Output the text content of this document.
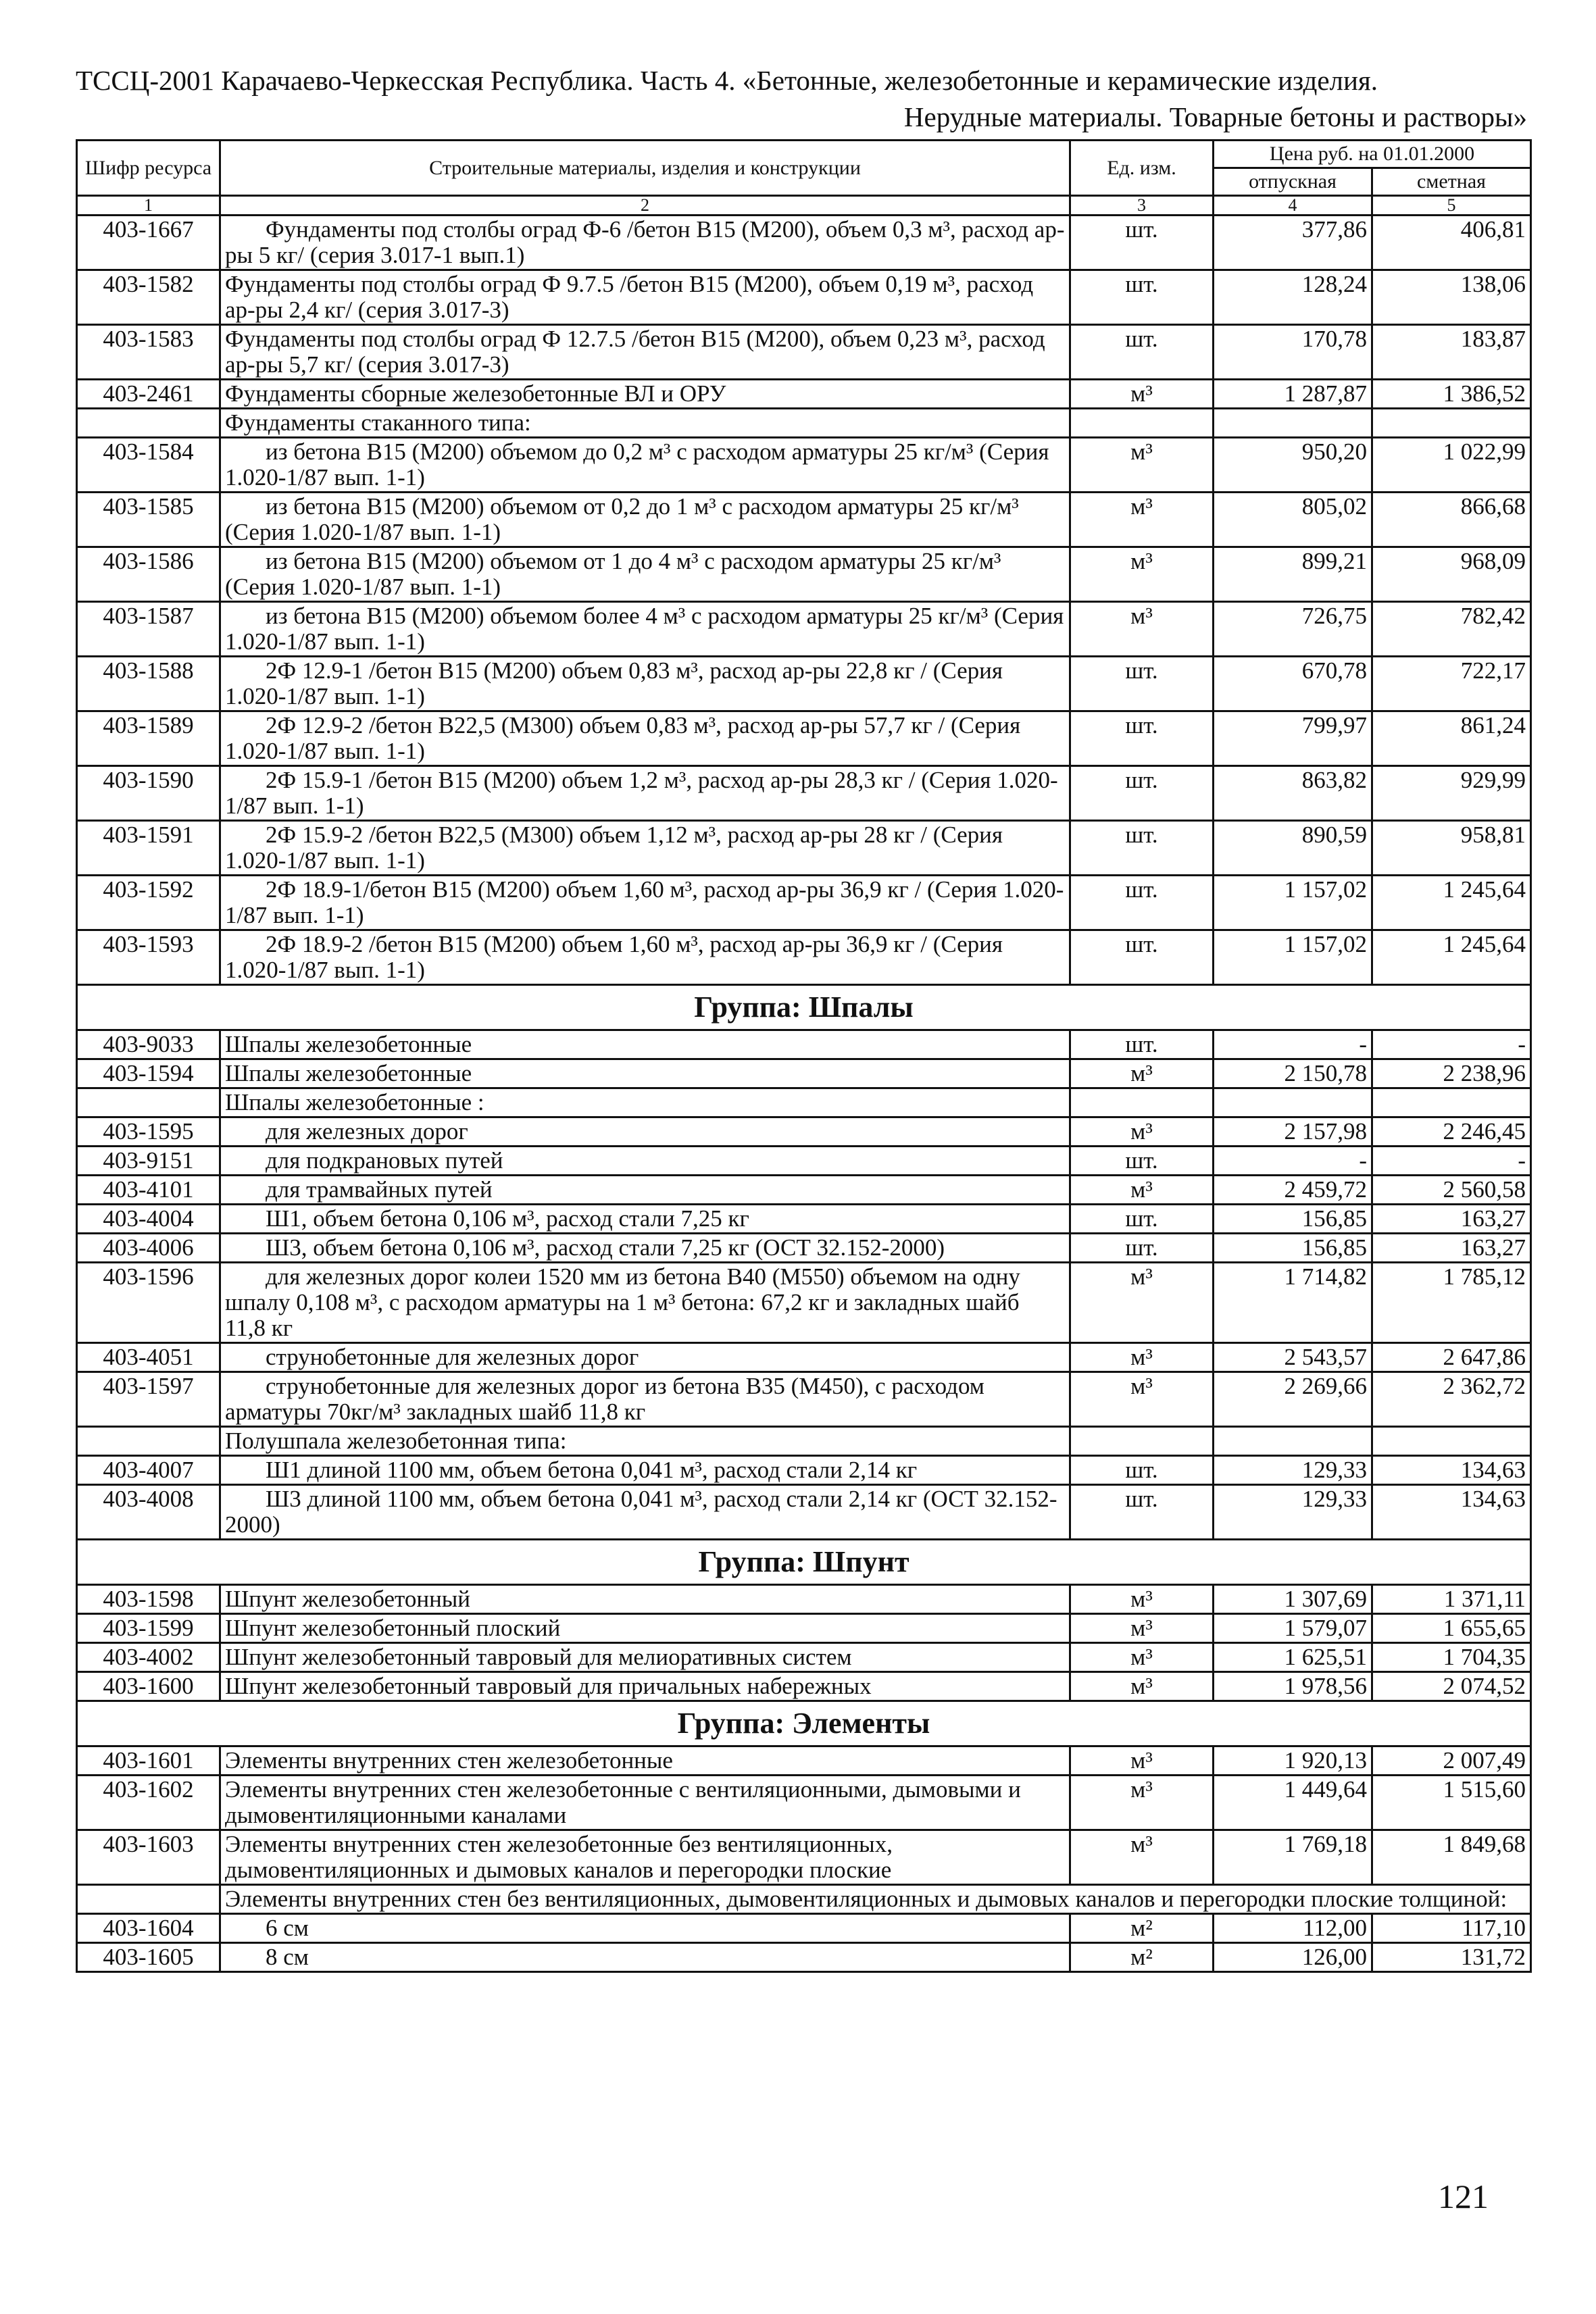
ТССЦ-2001 Карачаево-Черкесская Республика. Часть 4. «Бетонные, железобетонные и керамические изделия.
Нерудные материалы. Товарные бетоны и растворы»
Шифр ресурса	Строительные материалы, изделия и конструкции	Ед. изм.	Цена руб. на 01.01.2000	
			отпускная	сметная
1	2	3	4	5
403-1667	Фундаменты под столбы оград Ф-6 /бетон В15 (М200), объем 0,3 м³, расход ар-ры 5 кг/ (серия 3.017-1 вып.1)	шт.	377,86	406,81
403-1582	Фундаменты под столбы оград Ф 9.7.5 /бетон В15 (М200), объем 0,19 м³, расход ар-ры 2,4 кг/ (серия 3.017-3)	шт.	128,24	138,06
403-1583	Фундаменты под столбы оград Ф 12.7.5 /бетон В15 (М200), объем 0,23 м³, расход ар-ры 5,7 кг/ (серия 3.017-3)	шт.	170,78	183,87
403-2461	Фундаменты сборные железобетонные ВЛ и ОРУ	м³	1 287,87	1 386,52
	Фундаменты стаканного типа:			
403-1584	из бетона В15 (М200) объемом до 0,2 м³ с расходом арматуры 25 кг/м³ (Серия 1.020-1/87 вып. 1-1)	м³	950,20	1 022,99
403-1585	из бетона В15 (М200) объемом от 0,2 до 1 м³ с расходом арматуры 25 кг/м³ (Серия 1.020-1/87 вып. 1-1)	м³	805,02	866,68
403-1586	из бетона В15 (М200) объемом от 1 до 4 м³ с расходом арматуры 25 кг/м³ (Серия 1.020-1/87 вып. 1-1)	м³	899,21	968,09
403-1587	из бетона В15 (М200) объемом более 4 м³ с расходом арматуры 25 кг/м³ (Серия 1.020-1/87 вып. 1-1)	м³	726,75	782,42
403-1588	2Ф 12.9-1 /бетон В15 (М200) объем 0,83 м³, расход ар-ры 22,8 кг / (Серия 1.020-1/87 вып. 1-1)	шт.	670,78	722,17
403-1589	2Ф 12.9-2 /бетон В22,5 (М300) объем 0,83 м³, расход ар-ры 57,7 кг / (Серия 1.020-1/87 вып. 1-1)	шт.	799,97	861,24
403-1590	2Ф 15.9-1 /бетон В15 (М200) объем 1,2 м³, расход ар-ры 28,3 кг / (Серия 1.020-1/87 вып. 1-1)	шт.	863,82	929,99
403-1591	2Ф 15.9-2 /бетон В22,5 (М300) объем 1,12 м³, расход ар-ры 28 кг / (Серия 1.020-1/87 вып. 1-1)	шт.	890,59	958,81
403-1592	2Ф 18.9-1/бетон В15 (М200) объем 1,60 м³, расход ар-ры 36,9 кг / (Серия 1.020-1/87 вып. 1-1)	шт.	1 157,02	1 245,64
403-1593	2Ф 18.9-2 /бетон В15 (М200) объем 1,60 м³, расход ар-ры 36,9 кг / (Серия 1.020-1/87 вып. 1-1)	шт.	1 157,02	1 245,64
Группа: Шпалы				
403-9033	Шпалы железобетонные	шт.	-	-
403-1594	Шпалы железобетонные	м³	2 150,78	2 238,96
	Шпалы железобетонные :			
403-1595	для железных дорог	м³	2 157,98	2 246,45
403-9151	для подкрановых путей	шт.	-	-
403-4101	для трамвайных путей	м³	2 459,72	2 560,58
403-4004	Ш1, объем бетона 0,106 м³, расход стали 7,25 кг	шт.	156,85	163,27
403-4006	Ш3, объем бетона 0,106 м³, расход стали 7,25 кг (ОСТ 32.152-2000)	шт.	156,85	163,27
403-1596	для железных дорог колеи 1520 мм из бетона В40 (М550) объемом на одну шпалу 0,108 м³, с расходом арматуры на 1 м³ бетона: 67,2 кг и закладных шайб 11,8 кг	м³	1 714,82	1 785,12
403-4051	струнобетонные для железных дорог	м³	2 543,57	2 647,86
403-1597	струнобетонные для железных дорог из бетона В35 (М450), с расходом арматуры 70кг/м³ закладных шайб 11,8 кг	м³	2 269,66	2 362,72
	Полушпала железобетонная типа:			
403-4007	Ш1 длиной 1100 мм, объем бетона 0,041 м³, расход стали 2,14 кг	шт.	129,33	134,63
403-4008	Ш3 длиной 1100 мм, объем бетона 0,041 м³, расход стали 2,14 кг (ОСТ 32.152-2000)	шт.	129,33	134,63
Группа: Шпунт				
403-1598	Шпунт железобетонный	м³	1 307,69	1 371,11
403-1599	Шпунт железобетонный плоский	м³	1 579,07	1 655,65
403-4002	Шпунт железобетонный тавровый для мелиоративных систем	м³	1 625,51	1 704,35
403-1600	Шпунт железобетонный тавровый для причальных набережных	м³	1 978,56	2 074,52
Группа: Элементы				
403-1601	Элементы внутренних стен железобетонные	м³	1 920,13	2 007,49
403-1602	Элементы внутренних стен железобетонные с вентиляционными, дымовыми и дымовентиляционными каналами	м³	1 449,64	1 515,60
403-1603	Элементы внутренних стен железобетонные без вентиляционных, дымовентиляционных и дымовых каналов и перегородки плоские	м³	1 769,18	1 849,68
	Элементы внутренних стен без вентиляционных, дымовентиляционных и дымовых каналов и перегородки плоские толщиной:			
403-1604	6 см	м²	112,00	117,10
403-1605	8 см	м²	126,00	131,72
121
